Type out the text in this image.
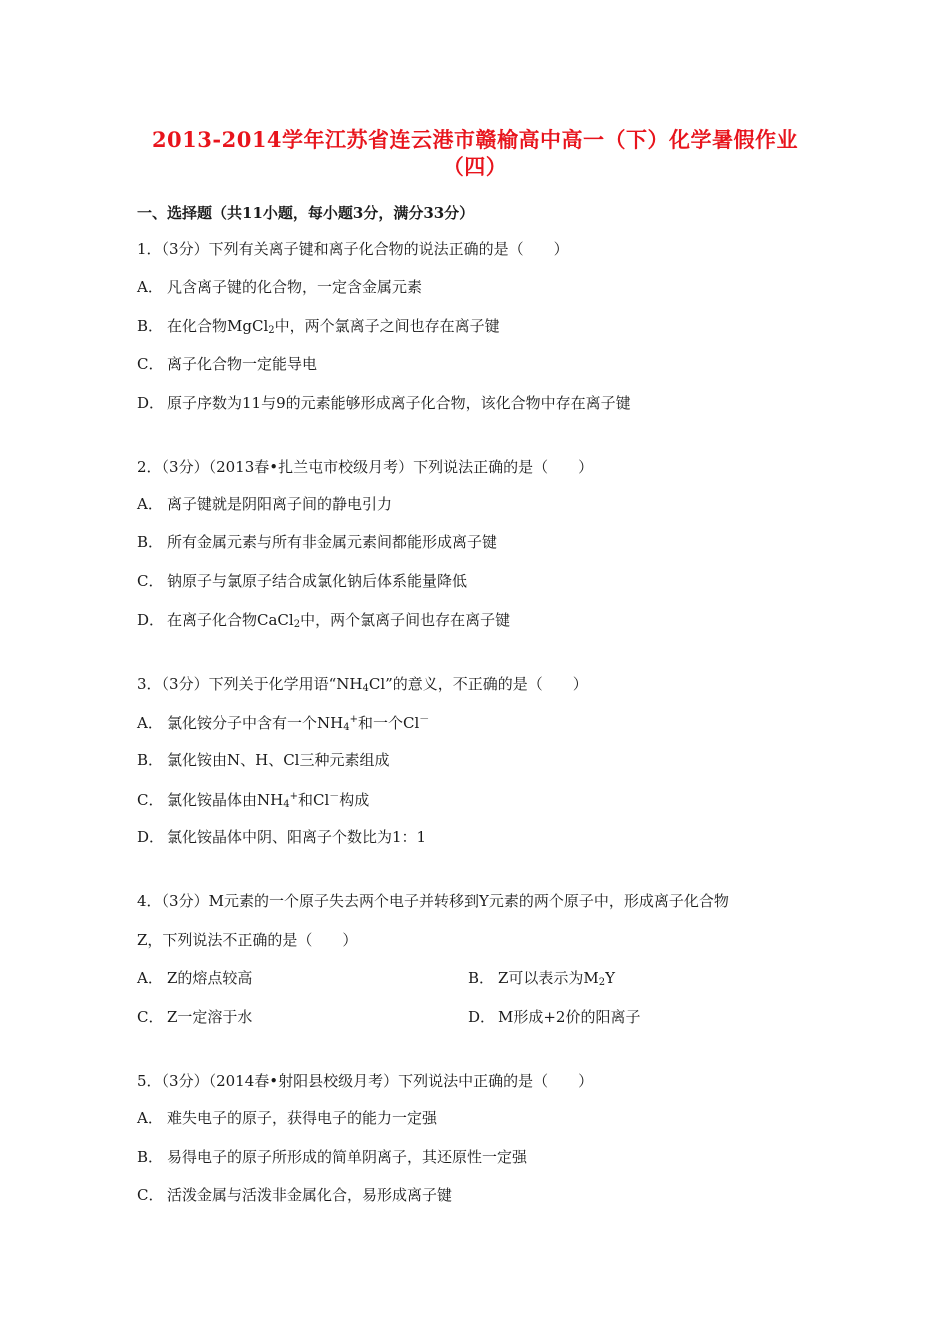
2013-2014学年江苏省连云港市赣榆高中高一（下）化学暑假作业
（四）
一、选择题（共11小题，每小题3分，满分33分）
1．（3分）下列有关离子键和离子化合物的说法正确的是（　　）
A． 凡含离子键的化合物，一定含金属元素
B． 在化合物MgCl$_2$中，两个氯离子之间也存在离子键
C． 离子化合物一定能导电
D． 原子序数为11与9的元素能够形成离子化合物，该化合物中存在离子键
2．（3分）（2013春•扎兰屯市校级月考）下列说法正确的是（　　）
A． 离子键就是阴阳离子间的静电引力
B． 所有金属元素与所有非金属元素间都能形成离子键
C． 钠原子与氯原子结合成氯化钠后体系能量降低
D． 在离子化合物CaCl$_2$中，两个氯离子间也存在离子键
3．（3分）下列关于化学用语“$NH_4Cl$”的意义，不正确的是（　　）
A． 氯化铵分子中含有一个$NH_4^+$和一个Cl－
B． 氯化铵由N、H、Cl三种元素组成
C． 氯化铵晶体由$NH_4^+$和Cl－构成
D． 氯化铵晶体中阴、阳离子个数比为1：1
4．（3分）M元素的一个原子失去两个电子并转移到Y元素的两个原子中，形成离子化合物
Z，下列说法不正确的是（　　）
A． Z的熔点较高	B． Z可以表示为$M_2Y$
C． Z一定溶于水	D． M形成+2价的阳离子
5．（3分）（2014春•射阳县校级月考）下列说法中正确的是（　　）
A． 难失电子的原子，获得电子的能力一定强
B． 易得电子的原子所形成的简单阴离子，其还原性一定强
C． 活泼金属与活泼非金属化合，易形成离子键
